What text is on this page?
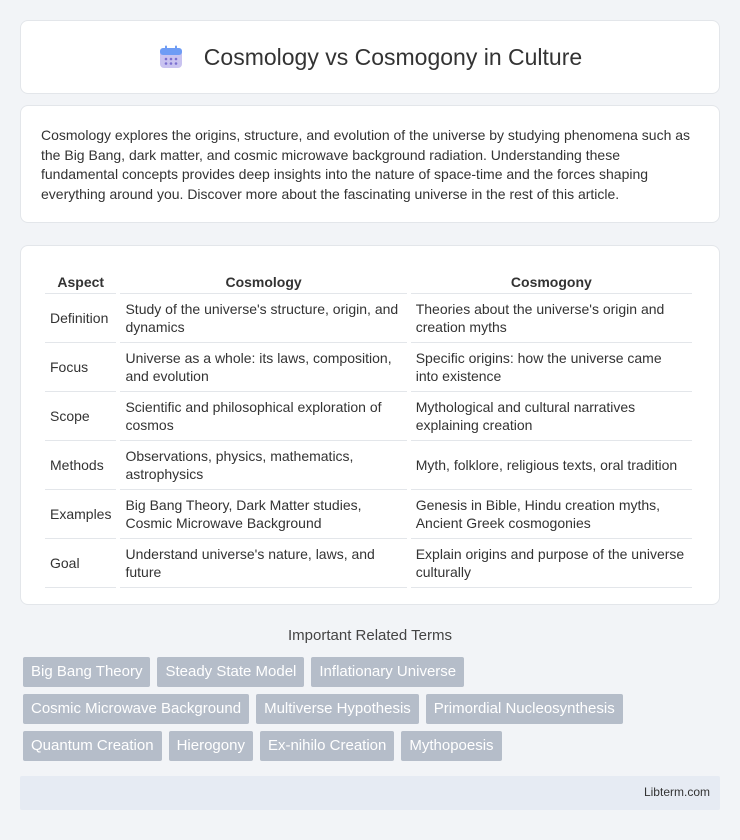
Cosmology vs Cosmogony in Culture

Cosmology explores the origins, structure, and evolution of the universe by studying phenomena such as the Big Bang, dark matter, and cosmic microwave background radiation. Understanding these fundamental concepts provides deep insights into the nature of space-time and the forces shaping everything around you. Discover more about the fascinating universe in the rest of this article.

Aspect	Cosmology	Cosmogony
Definition	Study of the universe's structure, origin, and dynamics	Theories about the universe's origin and creation myths
Focus	Universe as a whole: its laws, composition, and evolution	Specific origins: how the universe came into existence
Scope	Scientific and philosophical exploration of cosmos	Mythological and cultural narratives explaining creation
Methods	Observations, physics, mathematics, astrophysics	Myth, folklore, religious texts, oral tradition
Examples	Big Bang Theory, Dark Matter studies, Cosmic Microwave Background	Genesis in Bible, Hindu creation myths, Ancient Greek cosmogonies
Goal	Understand universe's nature, laws, and future	Explain origins and purpose of the universe culturally
Important Related Terms
Big Bang Theory	Steady State Model	Inflationary Universe
Cosmic Microwave Background	Multiverse Hypothesis	Primordial Nucleosynthesis
Quantum Creation	Hierogony	Ex-nihilo Creation	Mythopoesis
Libterm.com
